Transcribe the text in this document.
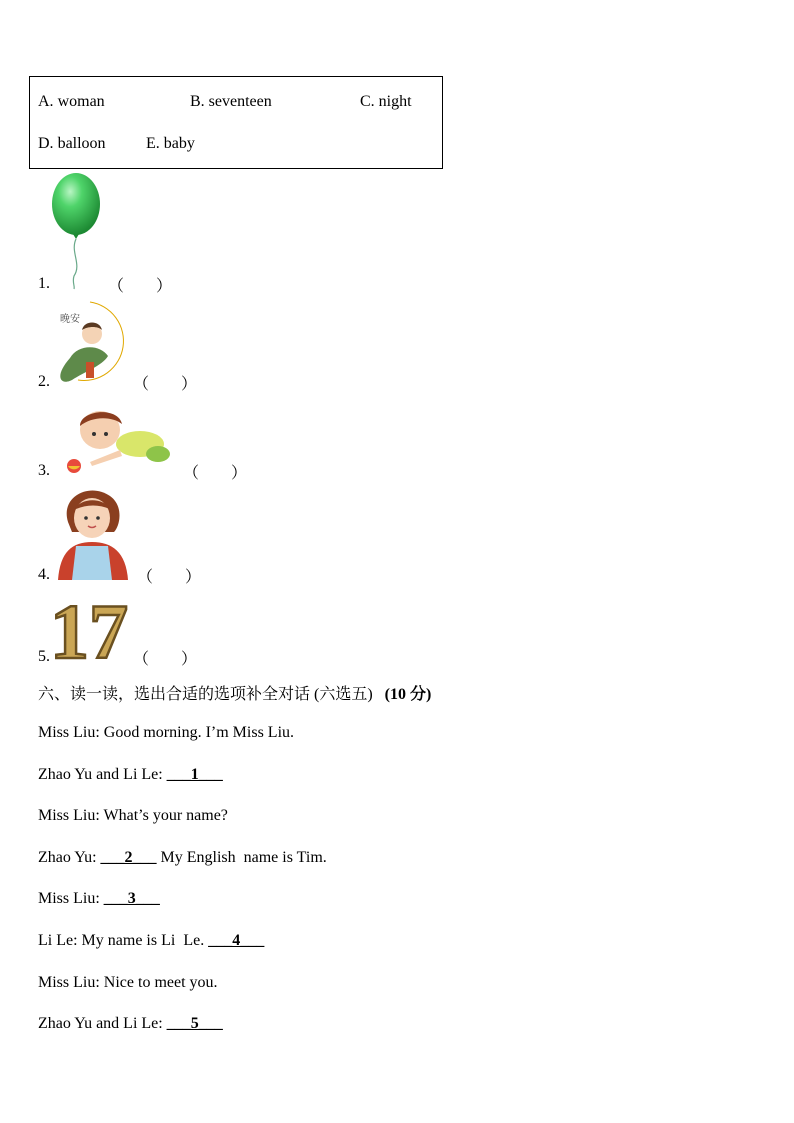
A. woman	B. seventeen	C. night
D. balloon	E. baby
1.	（        ）
晚安
2.	（        ）
3.	（        ）
4.	（        ）
17
5.	（        ）
六、读一读，选出合适的选项补全对话 (六选五) (10 分)
Miss Liu: Good morning. I’m Miss Liu.
Zhao Yu and Li Le: ___1___
Miss Liu: What’s your name?
Zhao Yu: ___2___ My English  name is Tim.
Miss Liu: ___3___
Li Le: My name is Li  Le. ___4___
Miss Liu: Nice to meet you.
Zhao Yu and Li Le: ___5___
